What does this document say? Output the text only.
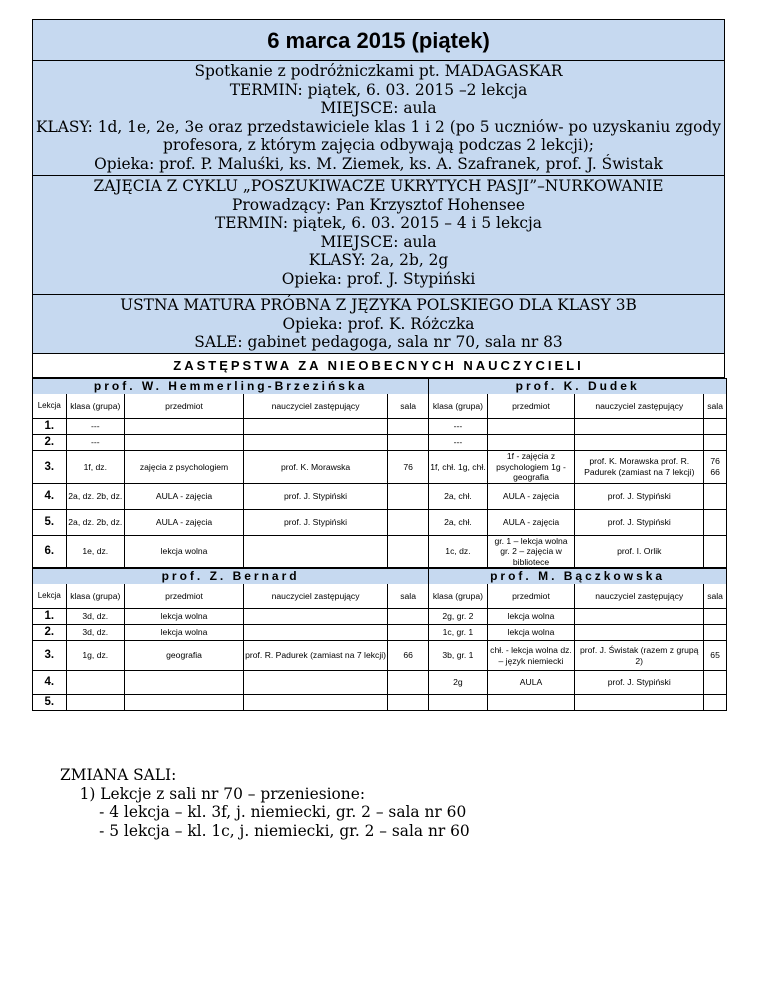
6 marca 2015 (piątek)
Spotkanie z podróżniczkami pt. MADAGASKAR
TERMIN: piątek, 6. 03. 2015 –2 lekcja
MIEJSCE: aula
KLASY: 1d, 1e, 2e, 3e oraz przedstawiciele klas 1 i 2 (po 5 uczniów- po uzyskaniu zgody
profesora, z którym zajęcia odbywają podczas 2 lekcji);
Opieka: prof. P. Maluśki, ks. M. Ziemek, ks. A. Szafranek, prof. J. Świstak
ZAJĘCIA Z CYKLU „POSZUKIWACZE UKRYTYCH PASJI”–NURKOWANIE
Prowadzący: Pan Krzysztof Hohensee
TERMIN: piątek, 6. 03. 2015 – 4 i 5 lekcja
MIEJSCE: aula
KLASY: 2a, 2b, 2g
Opieka: prof. J. Stypiński
USTNA MATURA PRÓBNA Z JĘZYKA POLSKIEGO DLA KLASY 3B
Opieka: prof. K. Różczka
SALE: gabinet pedagoga, sala nr 70, sala nr 83
ZASTĘPSTWA ZA NIEOBECNYCH NAUCZYCIELI
prof. W. Hemmerling-Brzezińska					prof. K. Dudek			
Lekcja	klasa (grupa)	przedmiot	nauczyciel zastępujący	sala	klasa (grupa)	przedmiot	nauczyciel zastępujący	sala
1.	---				---			
2.	---				---			
3.	1f, dz.	zajęcia z psychologiem	prof. K. Morawska	76	1f, chł. 1g, chł.	1f - zajęcia z psychologiem 1g - geografia	prof. K. Morawska prof. R. Padurek (zamiast na 7 lekcji)	76 66
4.	2a, dz. 2b, dz.	AULA - zajęcia	prof. J. Stypiński		2a, chł.	AULA - zajęcia	prof. J. Stypiński	
5.	2a, dz. 2b, dz.	AULA - zajęcia	prof. J. Stypiński		2a, chł.	AULA - zajęcia	prof. J. Stypiński	
6.	1e, dz.	lekcja wolna			1c, dz.	gr. 1 – lekcja wolna gr. 2 – zajęcia w bibliotece	prof. I. Orlik	
prof. Z. Bernard					prof. M. Bączkowska			
Lekcja	klasa (grupa)	przedmiot	nauczyciel zastępujący	sala	klasa (grupa)	przedmiot	nauczyciel zastępujący	sala
1.	3d, dz.	lekcja wolna			2g, gr. 2	lekcja wolna		
2.	3d, dz.	lekcja wolna			1c, gr. 1	lekcja wolna		
3.	1g, dz.	geografia	prof. R. Padurek (zamiast na 7 lekcji)	66	3b, gr. 1	chł. - lekcja wolna dz. – język niemiecki	prof. J. Świstak (razem z grupą 2)	65
4.					2g	AULA	prof. J. Stypiński	
5.								
ZMIANA SALI:
1) Lekcje z sali nr 70 – przeniesione:
- 4 lekcja – kl. 3f, j. niemiecki, gr. 2 – sala nr 60
- 5 lekcja – kl. 1c, j. niemiecki, gr. 2 – sala nr 60
